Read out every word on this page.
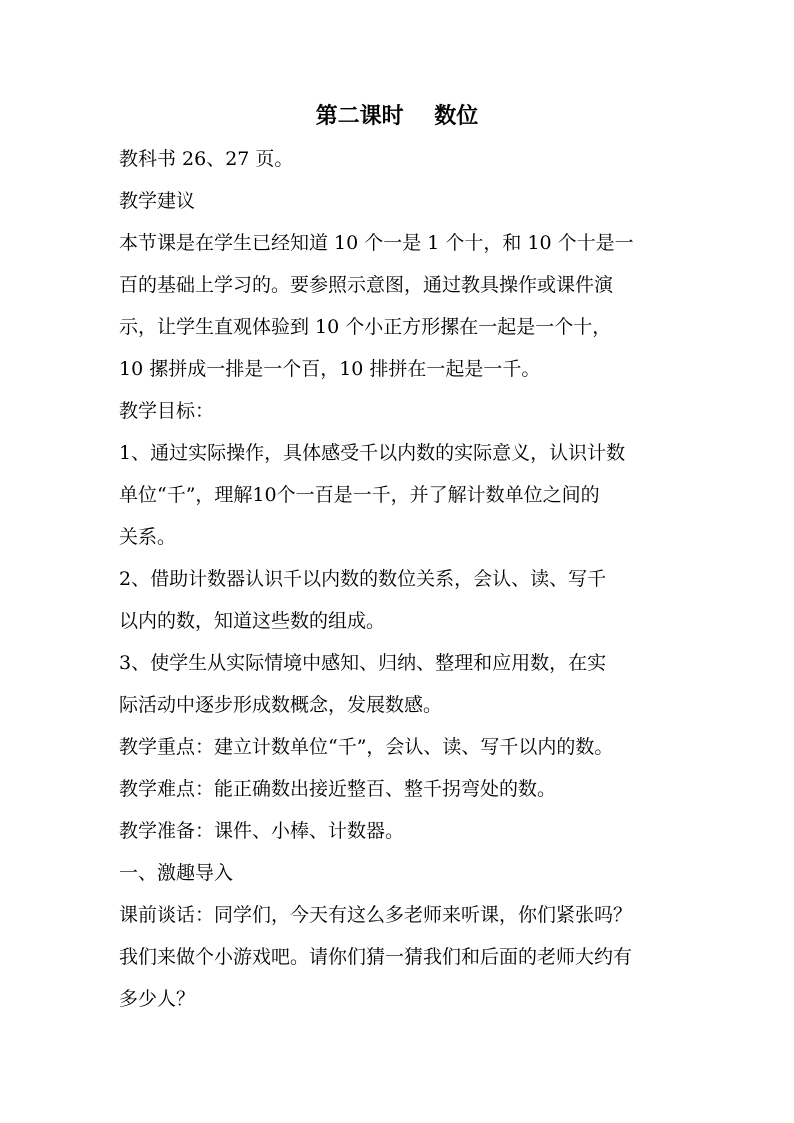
第二课时    数位
教科书 26、27 页。
教学建议
本节课是在学生已经知道 10 个一是 1 个十，和 10 个十是一
百的基础上学习的。要参照示意图，通过教具操作或课件演
示，让学生直观体验到 10 个小正方形摞在一起是一个十，
10 摞拼成一排是一个百，10 排拼在一起是一千。
教学目标：
1、通过实际操作，具体感受千以内数的实际意义，认识计数
单位“千”，理解10个一百是一千，并了解计数单位之间的
关系。
2、借助计数器认识千以内数的数位关系，会认、读、写千
以内的数，知道这些数的组成。
3、使学生从实际情境中感知、归纳、整理和应用数，在实
际活动中逐步形成数概念，发展数感。
教学重点：建立计数单位“千”，会认、读、写千以内的数。
教学难点：能正确数出接近整百、整千拐弯处的数。
教学准备：课件、小棒、计数器。
一、激趣导入
课前谈话：同学们，今天有这么多老师来听课，你们紧张吗？
我们来做个小游戏吧。请你们猜一猜我们和后面的老师大约有
多少人？
